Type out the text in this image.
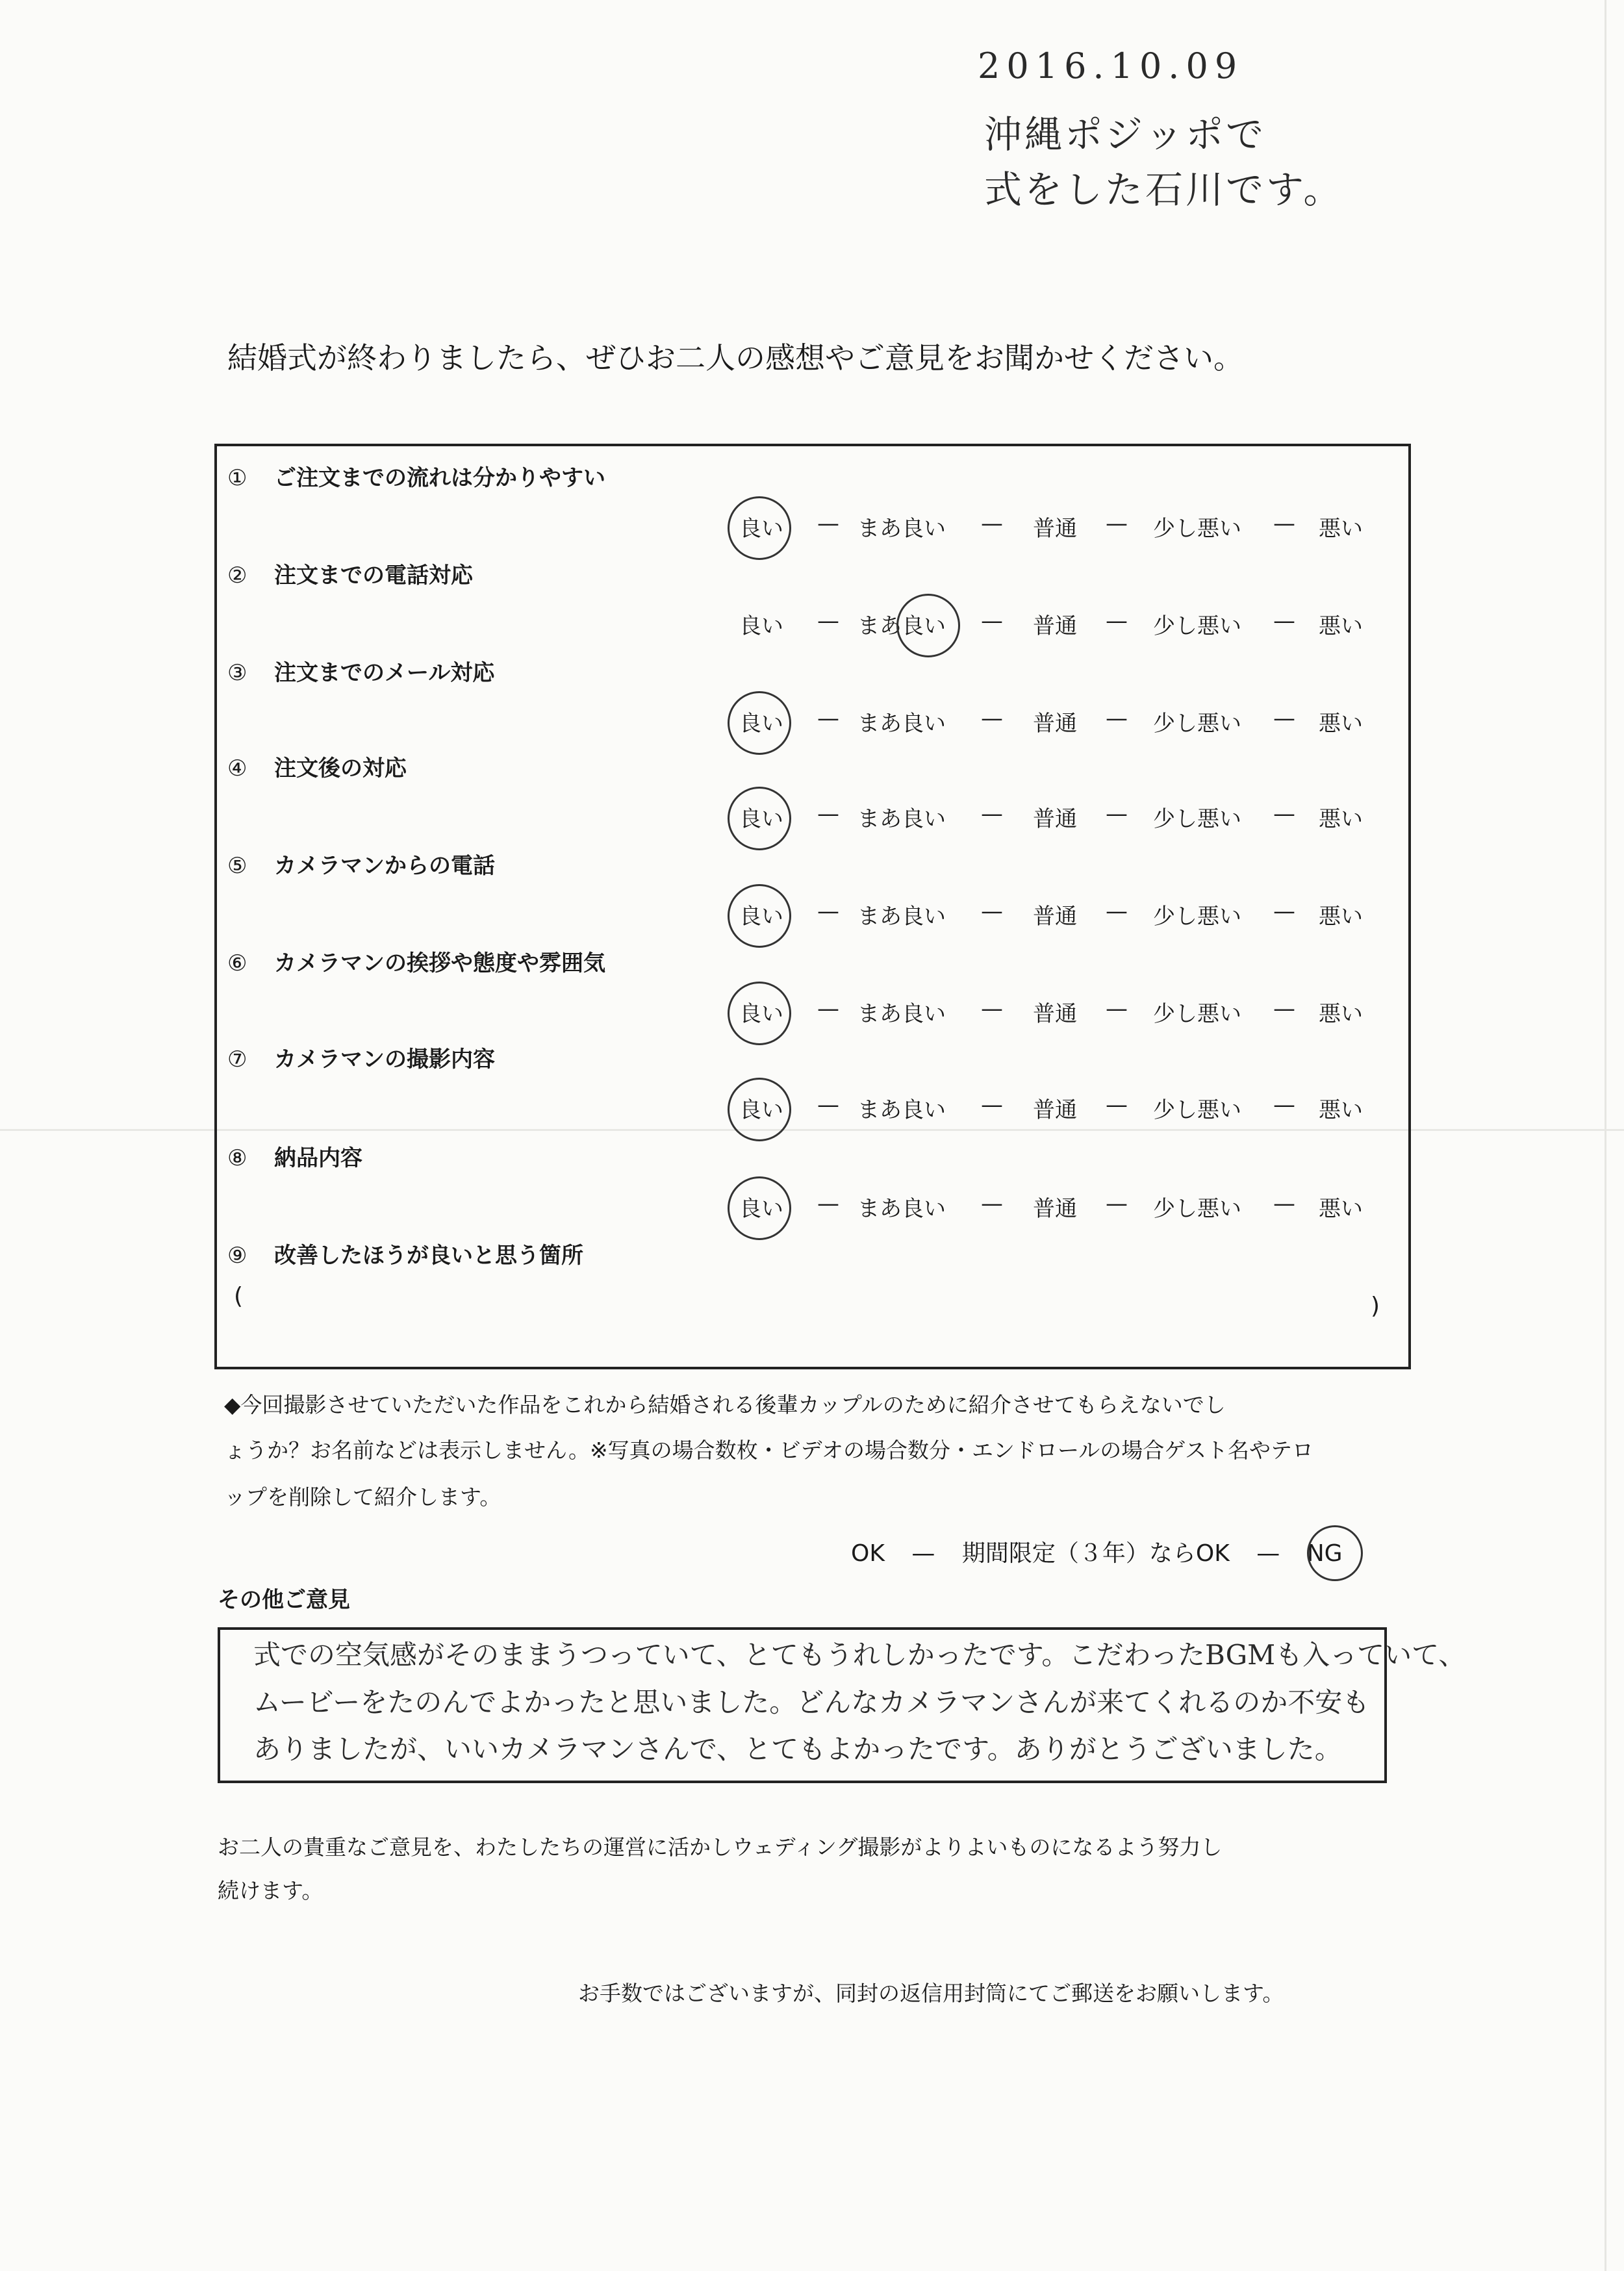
2016.10.09
沖縄ポジッポで
式をした石川です。
結婚式が終わりましたら、ぜひお二人の感想やご意見をお聞かせください。
① ご注文までの流れは分かりやすい
良い — まあ良い — 普通 — 少し悪い — 悪い
② 注文までの電話対応
良い — まあ良い — 普通 — 少し悪い — 悪い
③ 注文までのメール対応
良い — まあ良い — 普通 — 少し悪い — 悪い
④ 注文後の対応
良い — まあ良い — 普通 — 少し悪い — 悪い
⑤ カメラマンからの電話
良い — まあ良い — 普通 — 少し悪い — 悪い
⑥ カメラマンの挨拶や態度や雰囲気
良い — まあ良い — 普通 — 少し悪い — 悪い
⑦ カメラマンの撮影内容
良い — まあ良い — 普通 — 少し悪い — 悪い
⑧ 納品内容
良い — まあ良い — 普通 — 少し悪い — 悪い
⑨ 改善したほうが良いと思う箇所
(	)
◆今回撮影させていただいた作品をこれから結婚される後輩カップルのために紹介させてもらえないでし
ょうか？お名前などは表示しません。※写真の場合数枚・ビデオの場合数分・エンドロールの場合ゲスト名やテロ
ップを削除して紹介します。
OK — 期間限定（３年）ならOK — NG
その他ご意見
式での空気感がそのままうつっていて、とてもうれしかったです。こだわったBGMも入っていて、
ムービーをたのんでよかったと思いました。どんなカメラマンさんが来てくれるのか不安も
ありましたが、いいカメラマンさんで、とてもよかったです。ありがとうございました。
お二人の貴重なご意見を、わたしたちの運営に活かしウェディング撮影がよりよいものになるよう努力し
続けます。
お手数ではございますが、同封の返信用封筒にてご郵送をお願いします。
